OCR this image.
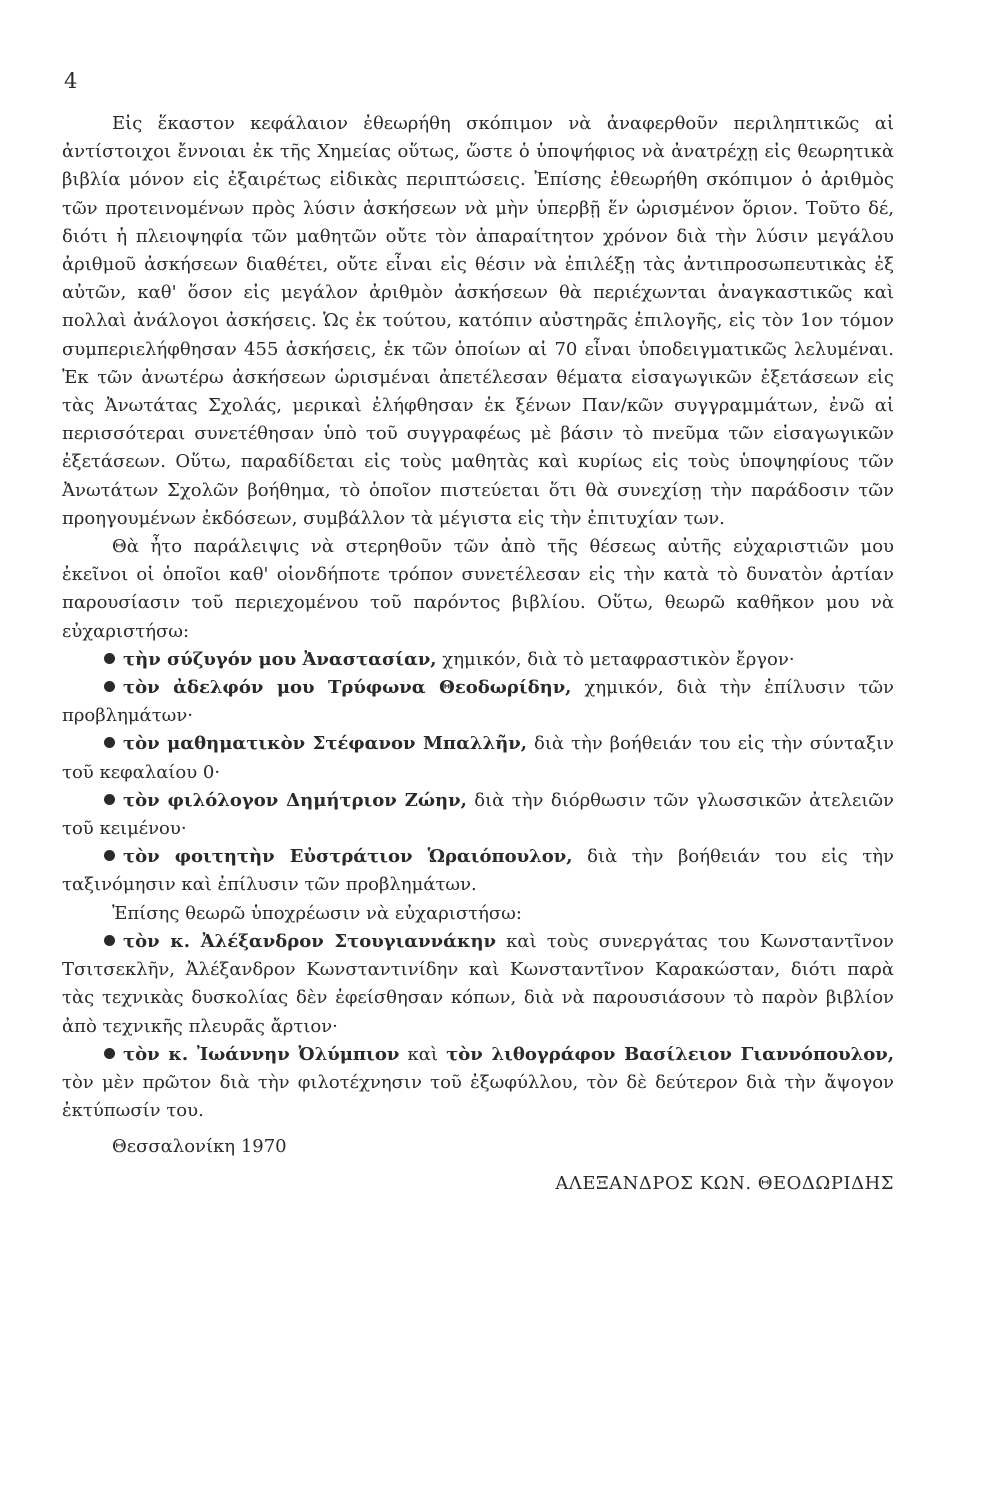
4

Εἰς ἕκαστον κεφάλαιον ἐθεωρήθη σκόπιμον νὰ ἀναφερθοῦν περιληπτικῶς αἱ ἀντίστοιχοι ἔννοιαι ἐκ τῆς Χημείας οὕτως, ὥστε ὁ ὑποψήφιος νὰ ἀνατρέχῃ εἰς θεωρητικὰ βιβλία μόνον εἰς ἐξαιρέτως εἰδικὰς περιπτώσεις. Ἐπίσης ἐθεωρήθη σκόπιμον ὁ ἀριθμὸς τῶν προτεινομένων πρὸς λύσιν ἀσκήσεων νὰ μὴν ὑπερβῇ ἕν ὡρισμένον ὅριον. Τοῦτο δέ, διότι ἡ πλειοψηφία τῶν μαθητῶν οὔτε τὸν ἀπαραίτητον χρόνον διὰ τὴν λύσιν μεγάλου ἀριθμοῦ ἀσκήσεων διαθέτει, οὔτε εἶναι εἰς θέσιν νὰ ἐπιλέξῃ τὰς ἀντιπροσωπευτικὰς ἐξ αὐτῶν, καθ' ὅσον εἰς μεγάλον ἀριθμὸν ἀσκήσεων θὰ περιέχωνται ἀναγκαστικῶς καὶ πολλαὶ ἀνάλογοι ἀσκήσεις. Ὡς ἐκ τούτου, κατόπιν αὐστηρᾶς ἐπιλογῆς, εἰς τὸν 1ον τόμον συμπεριελήφθησαν 455 ἀσκήσεις, ἐκ τῶν ὁποίων αἱ 70 εἶναι ὑποδειγματικῶς λελυμέναι. Ἐκ τῶν ἀνωτέρω ἀσκήσεων ὡρισμέναι ἀπετέλεσαν θέματα εἰσαγωγικῶν ἐξετάσεων εἰς τὰς Ἀνωτάτας Σχολάς, μερικαὶ ἐλήφθησαν ἐκ ξένων Παν/κῶν συγγραμμάτων, ἐνῶ αἱ περισσότεραι συνετέθησαν ὑπὸ τοῦ συγγραφέως μὲ βάσιν τὸ πνεῦμα τῶν εἰσαγωγικῶν ἐξετάσεων. Οὕτω, παραδίδεται εἰς τοὺς μαθητὰς καὶ κυρίως εἰς τοὺς ὑποψηφίους τῶν Ἀνωτάτων Σχολῶν βοήθημα, τὸ ὁποῖον πιστεύεται ὅτι θὰ συνεχίσῃ τὴν παράδοσιν τῶν προηγουμένων ἐκδόσεων, συμβάλλον τὰ μέγιστα εἰς τὴν ἐπιτυχίαν των.

Θὰ ἦτο παράλειψις νὰ στερηθοῦν τῶν ἀπὸ τῆς θέσεως αὐτῆς εὐχαριστιῶν μου ἐκεῖνοι οἱ ὁποῖοι καθ' οἱονδήποτε τρόπον συνετέλεσαν εἰς τὴν κατὰ τὸ δυνατὸν ἀρτίαν παρουσίασιν τοῦ περιεχομένου τοῦ παρόντος βιβλίου. Οὕτω, θεωρῶ καθῆκον μου νὰ εὐχαριστήσω:

τὴν σύζυγόν μου Ἀναστασίαν, χημικόν, διὰ τὸ μεταφραστικὸν ἔργον·

τὸν ἀδελφόν μου Τρύφωνα Θεοδωρίδην, χημικόν, διὰ τὴν ἐπίλυσιν τῶν προβλημάτων·

τὸν μαθηματικὸν Στέφανον Μπαλλῆν, διὰ τὴν βοήθειάν του εἰς τὴν σύνταξιν τοῦ κεφαλαίου 0·

τὸν φιλόλογον Δημήτριον Ζώην, διὰ τὴν διόρθωσιν τῶν γλωσσικῶν ἀτελειῶν τοῦ κειμένου·

τὸν φοιτητὴν Εὐστράτιον Ὡραιόπουλον, διὰ τὴν βοήθειάν του εἰς τὴν ταξινόμησιν καὶ ἐπίλυσιν τῶν προβλημάτων.

Ἐπίσης θεωρῶ ὑποχρέωσιν νὰ εὐχαριστήσω:

τὸν κ. Ἀλέξανδρον Στουγιαννάκην καὶ τοὺς συνεργάτας του Κωνσταντῖνον Τσιτσεκλῆν, Ἀλέξανδρον Κωνσταντινίδην καὶ Κωνσταντῖνον Καρακώσταν, διότι παρὰ τὰς τεχνικὰς δυσκολίας δὲν ἐφείσθησαν κόπων, διὰ νὰ παρουσιάσουν τὸ παρὸν βιβλίον ἀπὸ τεχνικῆς πλευρᾶς ἄρτιον·

τὸν κ. Ἰωάννην Ὀλύμπιον καὶ τὸν λιθογράφον Βασίλειον Γιαννόπουλον, τὸν μὲν πρῶτον διὰ τὴν φιλοτέχνησιν τοῦ ἐξωφύλλου, τὸν δὲ δεύτερον διὰ τὴν ἄψογον ἐκτύπωσίν του.

Θεσσαλονίκη 1970

ΑΛΕΞΑΝΔΡΟΣ ΚΩΝ. ΘΕΟΔΩΡΙΔΗΣ
